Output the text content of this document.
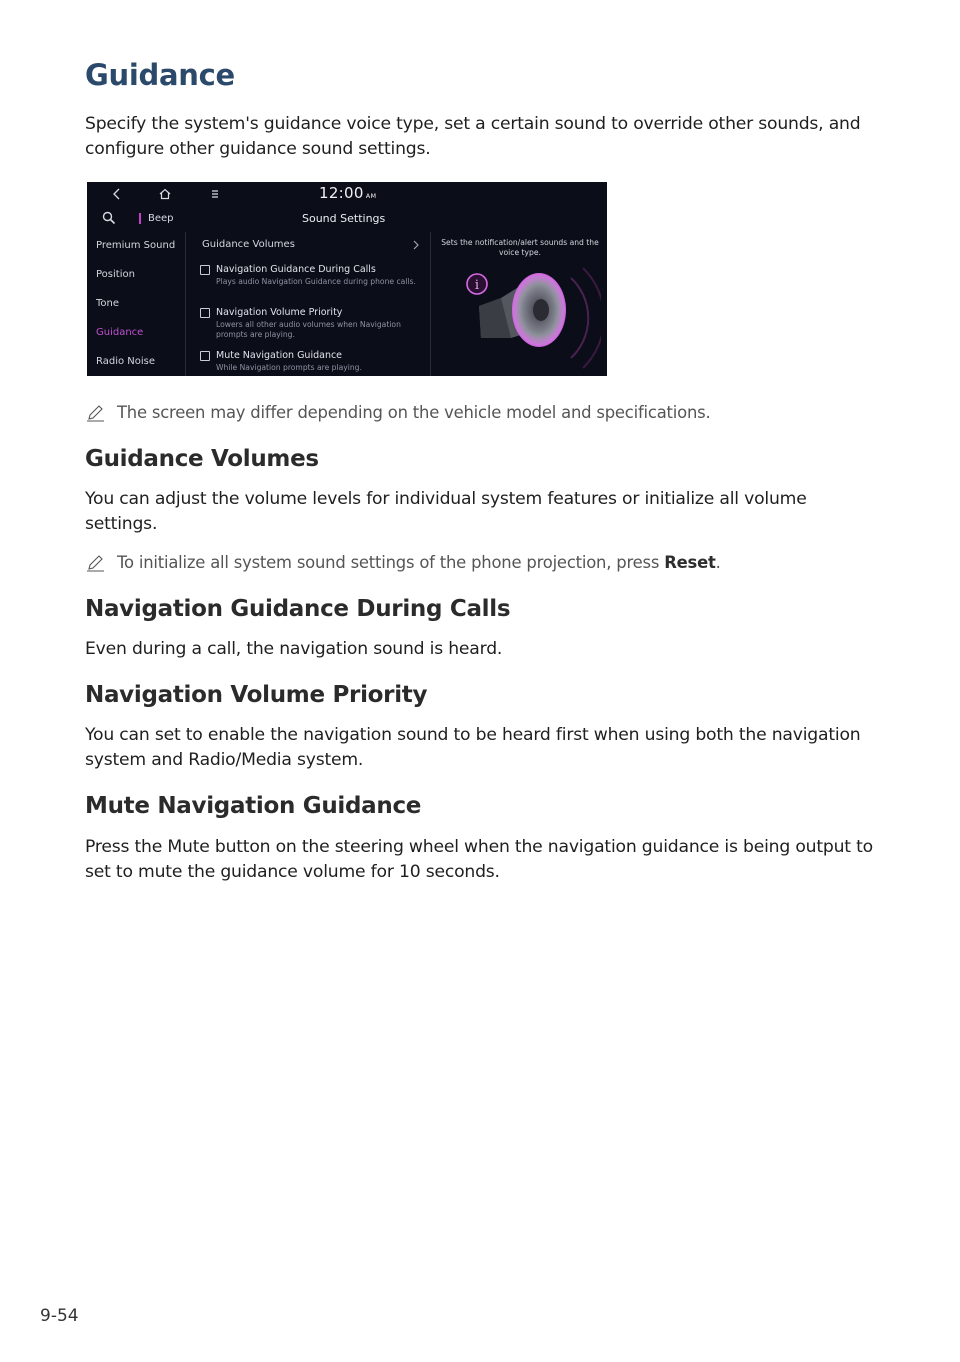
Guidance

Specify the system's guidance voice type, set a certain sound to override other sounds, and configure other guidance sound settings.

12:00 AM
Beep	Sound Settings
Premium Sound
Position
Tone
Guidance
Radio Noise
Guidance Volumes
Navigation Guidance During Calls
Plays audio Navigation Guidance during phone calls.
Navigation Volume Priority
Lowers all other audio volumes when Navigation prompts are playing.
Mute Navigation Guidance
While Navigation prompts are playing.
Sets the notification/alert sounds and the voice type.
i
The screen may differ depending on the vehicle model and specifications.
Guidance Volumes

You can adjust the volume levels for individual system features or initialize all volume settings.

To initialize all system sound settings of the phone projection, press Reset.
Navigation Guidance During Calls

Even during a call, the navigation sound is heard.

Navigation Volume Priority

You can set to enable the navigation sound to be heard first when using both the navigation system and Radio/Media system.

Mute Navigation Guidance

Press the Mute button on the steering wheel when the navigation guidance is being output to set to mute the guidance volume for 10 seconds.

9-54
